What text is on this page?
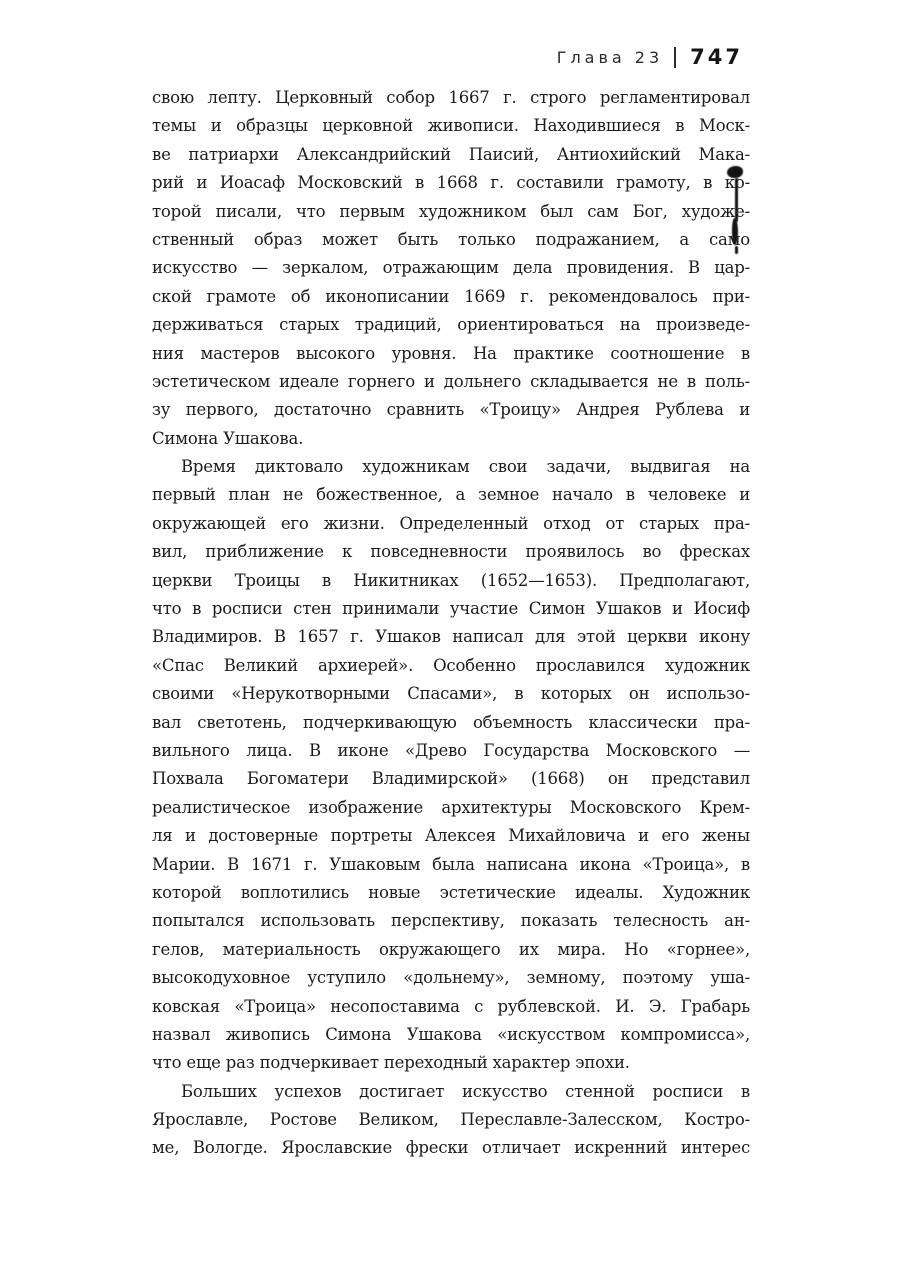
Глава 23 747
свою лепту. Церковный собор 1667 г. строго регламентировал
темы и образцы церковной живописи. Находившиеся в Моск-
ве патриархи Александрийский Паисий, Антиохийский Мака-
рий и Иоасаф Московский в 1668 г. составили грамоту, в ко-
торой писали, что первым художником был сам Бог, художе-
ственный образ может быть только подражанием, а само
искусство — зеркалом, отражающим дела провидения. В цар-
ской грамоте об иконописании 1669 г. рекомендовалось при-
держиваться старых традиций, ориентироваться на произведе-
ния мастеров высокого уровня. На практике соотношение в
эстетическом идеале горнего и дольнего складывается не в поль-
зу первого, достаточно сравнить «Троицу» Андрея Рублева и
Симона Ушакова.
Время диктовало художникам свои задачи, выдвигая на
первый план не божественное, а земное начало в человеке и
окружающей его жизни. Определенный отход от старых пра-
вил, приближение к повседневности проявилось во фресках
церкви Троицы в Никитниках (1652—1653). Предполагают,
что в росписи стен принимали участие Симон Ушаков и Иосиф
Владимиров. В 1657 г. Ушаков написал для этой церкви икону
«Спас Великий архиерей». Особенно прославился художник
своими «Нерукотворными Спасами», в которых он использо-
вал светотень, подчеркивающую объемность классически пра-
вильного лица. В иконе «Древо Государства Московского —
Похвала Богоматери Владимирской» (1668) он представил
реалистическое изображение архитектуры Московского Крем-
ля и достоверные портреты Алексея Михайловича и его жены
Марии. В 1671 г. Ушаковым была написана икона «Троица», в
которой воплотились новые эстетические идеалы. Художник
попытался использовать перспективу, показать телесность ан-
гелов, материальность окружающего их мира. Но «горнее»,
высокодуховное уступило «дольнему», земному, поэтому уша-
ковская «Троица» несопоставима с рублевской. И. Э. Грабарь
назвал живопись Симона Ушакова «искусством компромисса»,
что еще раз подчеркивает переходный характер эпохи.
Больших успехов достигает искусство стенной росписи в
Ярославле, Ростове Великом, Переславле-Залесском, Костро-
ме, Вологде. Ярославские фрески отличает искренний интерес
